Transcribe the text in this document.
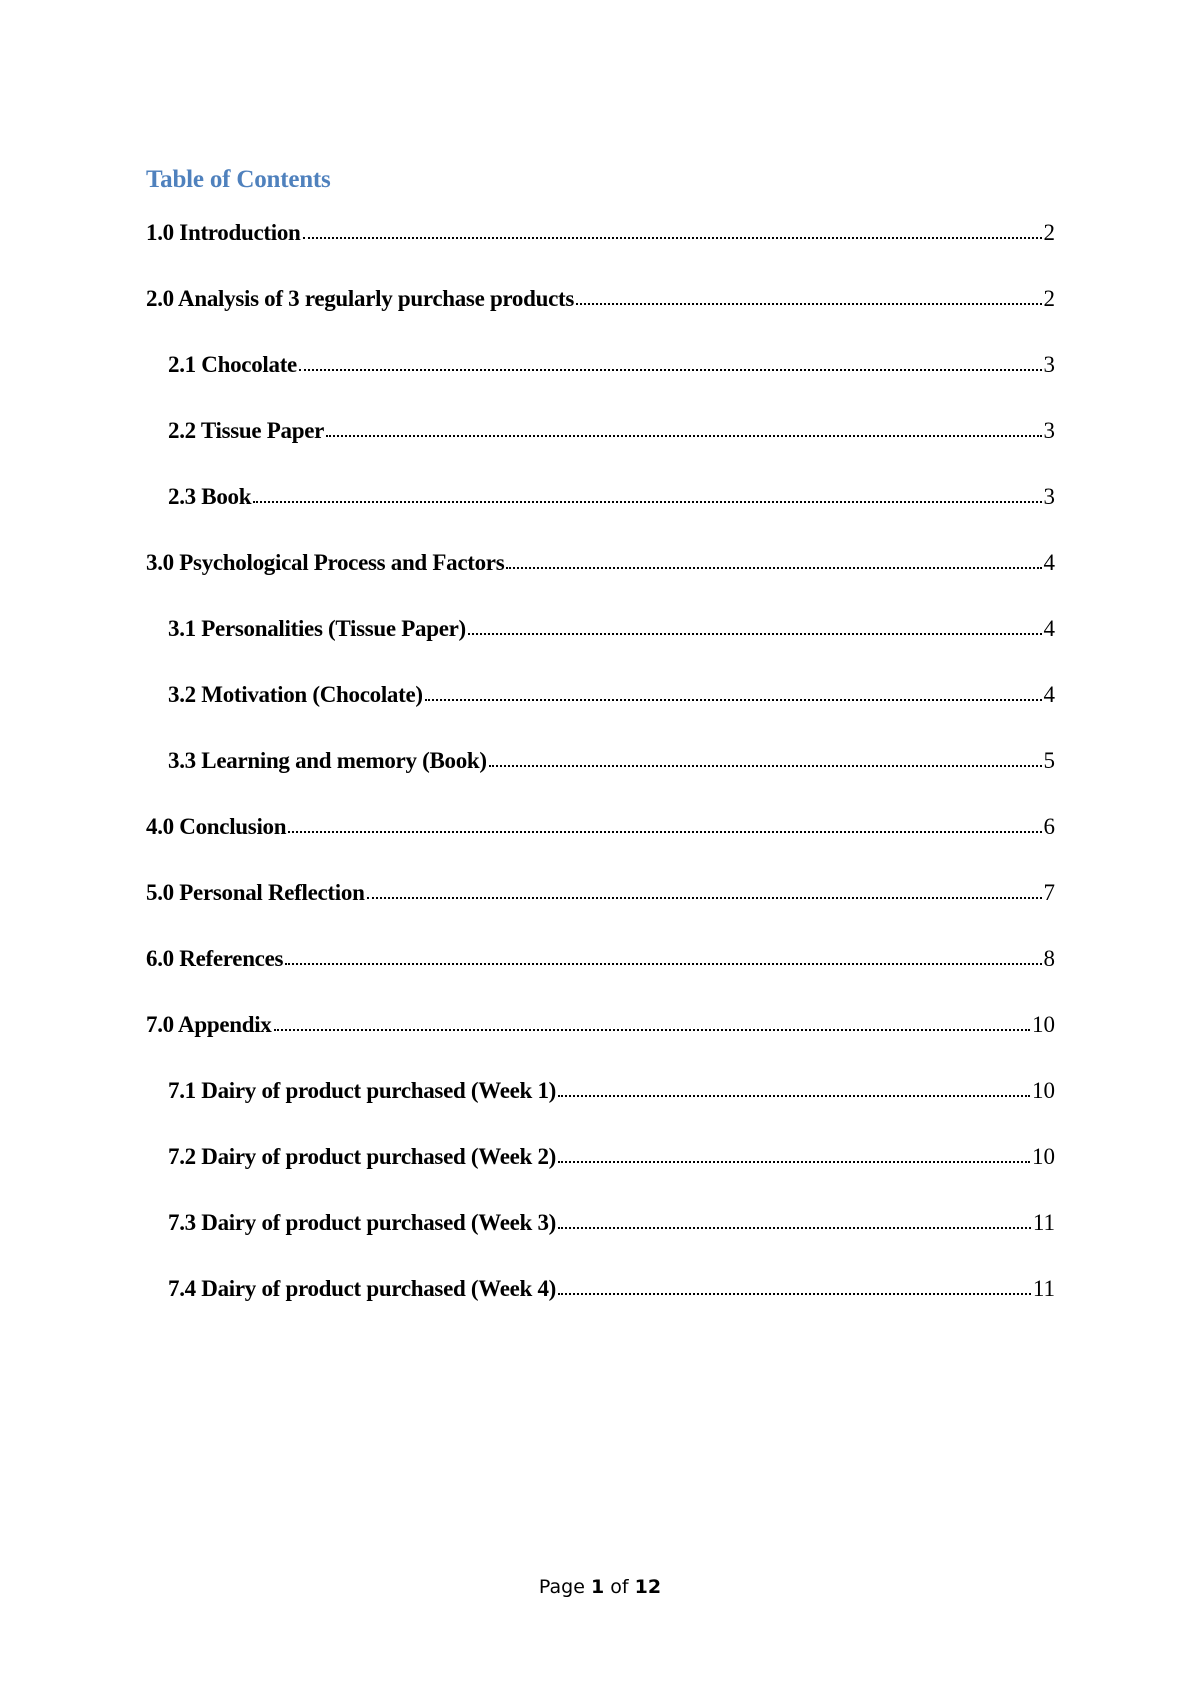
Table of Contents
1.0 Introduction	2
2.0 Analysis of 3 regularly purchase products	2
2.1 Chocolate	3
2.2 Tissue Paper	3
2.3 Book	3
3.0 Psychological Process and Factors	4
3.1 Personalities (Tissue Paper)	4
3.2 Motivation (Chocolate)	4
3.3 Learning and memory (Book)	5
4.0 Conclusion	6
5.0 Personal Reflection	7
6.0 References	8
7.0 Appendix	10
7.1 Dairy of product purchased (Week 1)	10
7.2 Dairy of product purchased (Week 2)	10
7.3 Dairy of product purchased (Week 3)	11
7.4 Dairy of product purchased (Week 4)	11
Page 1 of 12
